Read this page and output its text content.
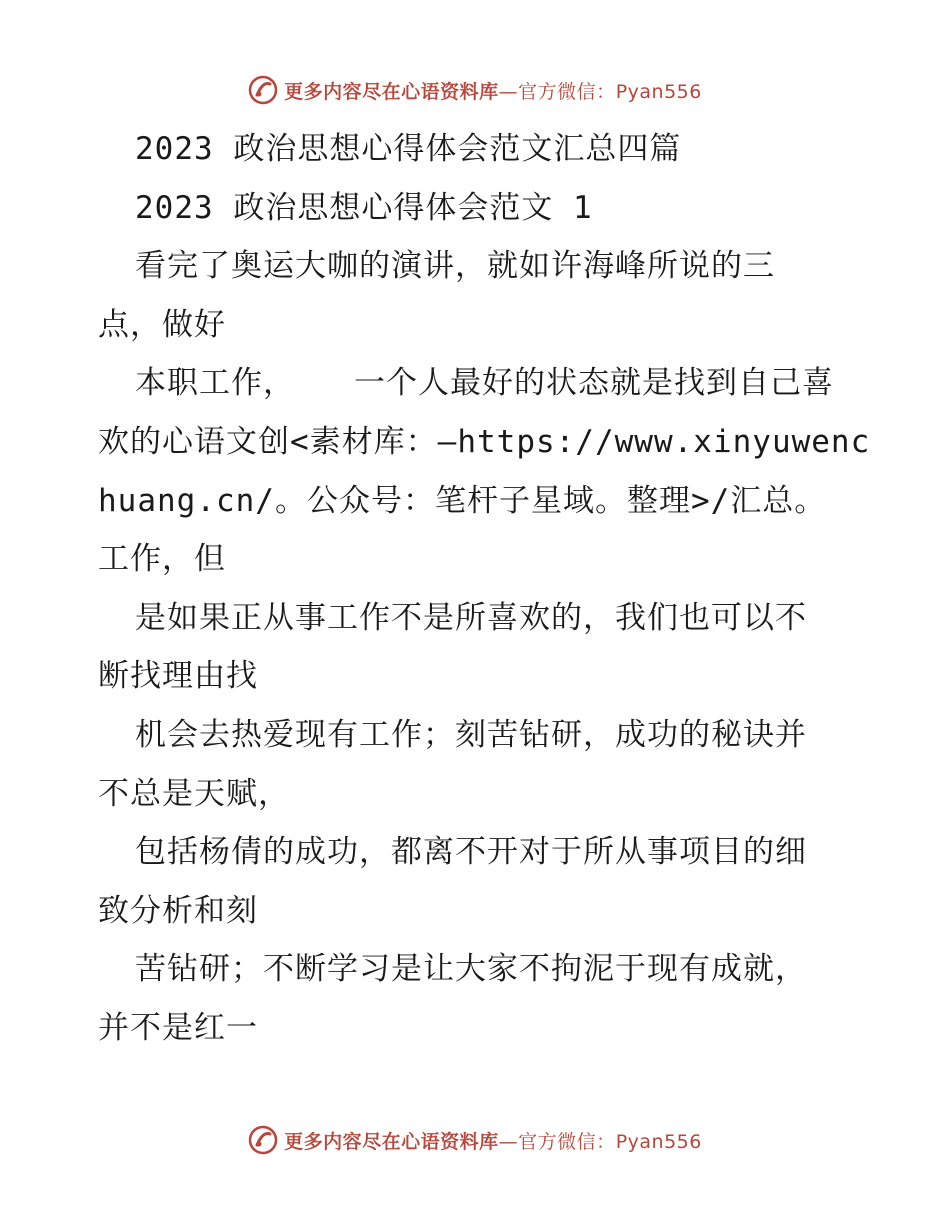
更多内容尽在心语资料库—官方微信：Pyan556
2023 政治思想心得体会范文汇总四篇
2023 政治思想心得体会范文 1
看完了奥运大咖的演讲，就如许海峰所说的三
点，做好
本职工作，   一个人最好的状态就是找到自己喜
欢的心语文创<素材库：—https://www.xinyuwenc
huang.cn/。公众号：笔杆子星域。整理>/汇总。
工作，但
是如果正从事工作不是所喜欢的，我们也可以不
断找理由找
机会去热爱现有工作；刻苦钻研，成功的秘诀并
不总是天赋，
包括杨倩的成功，都离不开对于所从事项目的细
致分析和刻
苦钻研；不断学习是让大家不拘泥于现有成就，
并不是红一
更多内容尽在心语资料库—官方微信：Pyan556
